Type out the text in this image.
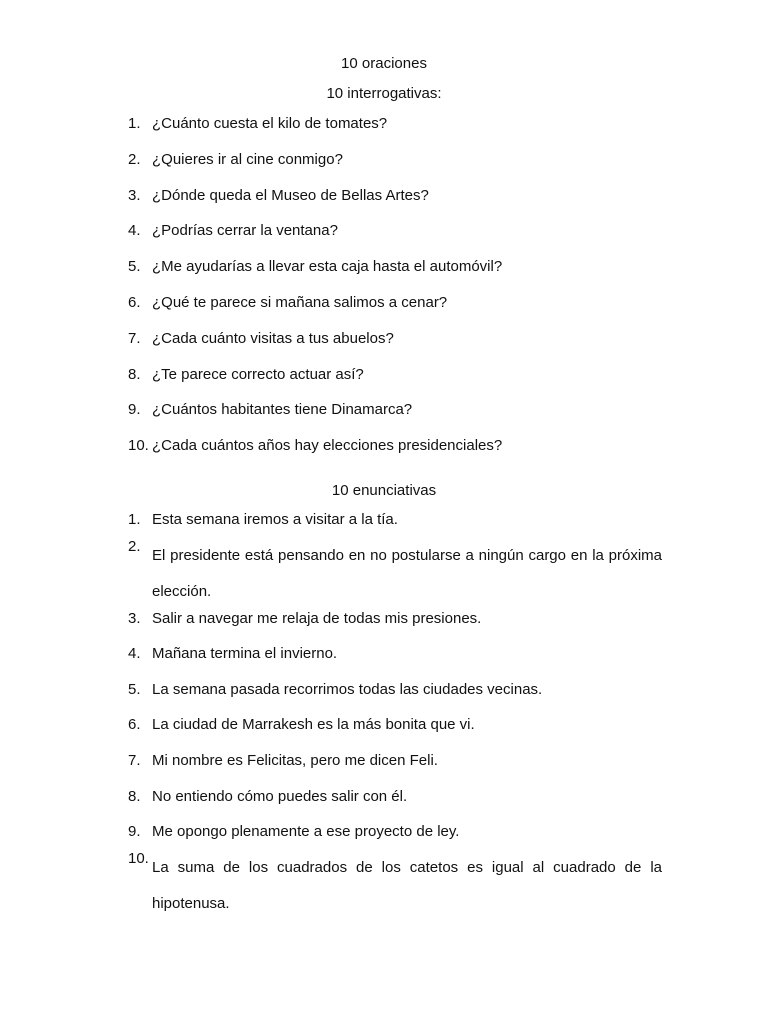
10 oraciones
10 interrogativas:
1. ¿Cuánto cuesta el kilo de tomates?
2. ¿Quieres ir al cine conmigo?
3. ¿Dónde queda el Museo de Bellas Artes?
4. ¿Podrías cerrar la ventana?
5. ¿Me ayudarías a llevar esta caja hasta el automóvil?
6. ¿Qué te parece si mañana salimos a cenar?
7. ¿Cada cuánto visitas a tus abuelos?
8. ¿Te parece correcto actuar así?
9. ¿Cuántos habitantes tiene Dinamarca?
10. ¿Cada cuántos años hay elecciones presidenciales?
10 enunciativas
1. Esta semana iremos a visitar a la tía.
2.
El presidente está pensando en no postularse a ningún cargo en la próxima elección.
3. Salir a navegar me relaja de todas mis presiones.
4. Mañana termina el invierno.
5. La semana pasada recorrimos todas las ciudades vecinas.
6. La ciudad de Marrakesh es la más bonita que vi.
7. Mi nombre es Felicitas, pero me dicen Feli.
8. No entiendo cómo puedes salir con él.
9. Me opongo plenamente a ese proyecto de ley.
10.
La suma de los cuadrados de los catetos es igual al cuadrado de la hipotenusa.
